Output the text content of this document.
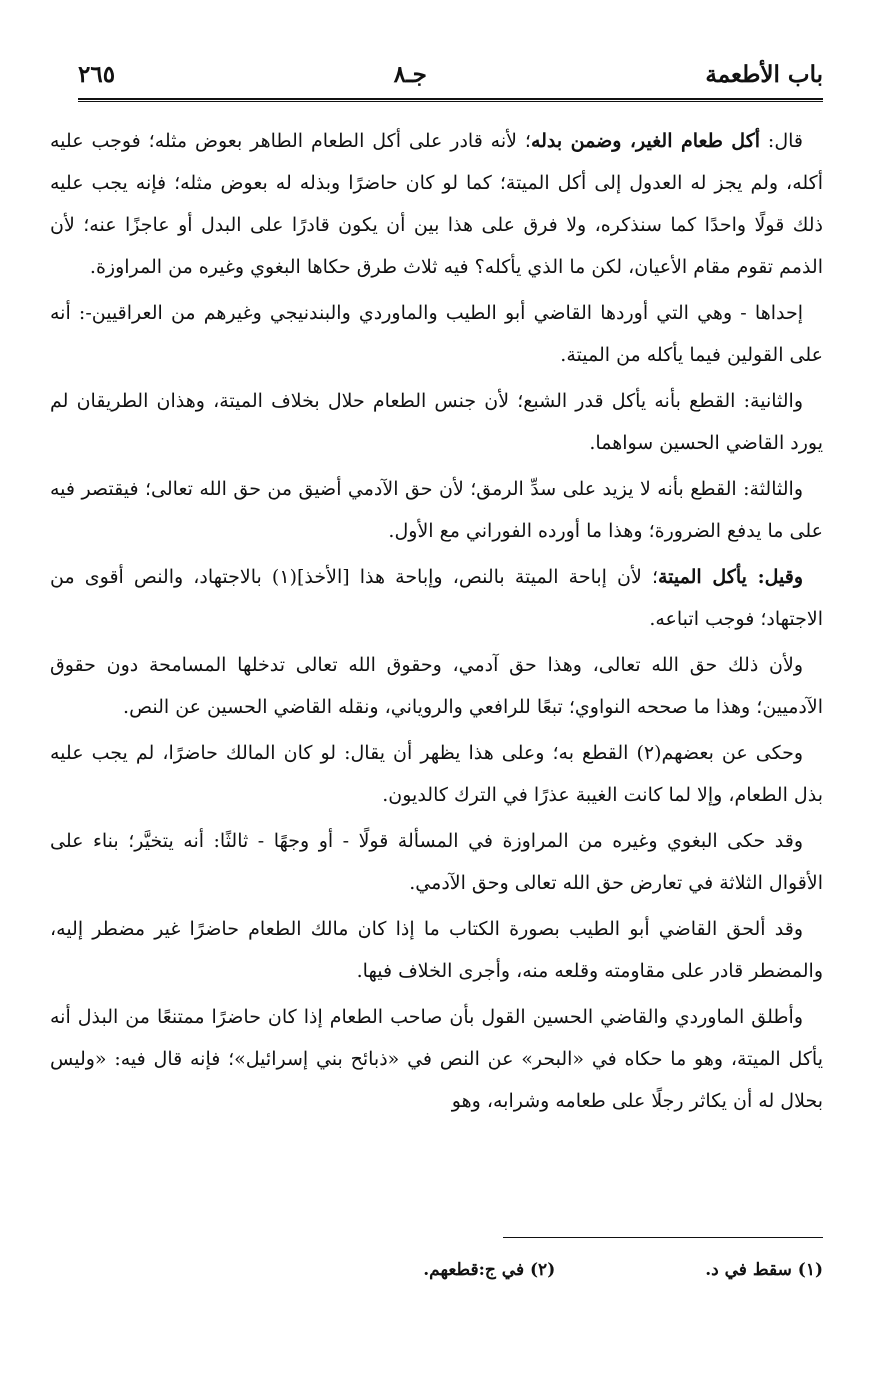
باب الأطعمة
جـ٨
٢٦٥

قال: أكل طعام الغير، وضمن بدله؛ لأنه قادر على أكل الطعام الطاهر بعوض مثله؛ فوجب عليه أكله، ولم يجز له العدول إلى أكل الميتة؛ كما لو كان حاضرًا وبذله له بعوض مثله؛ فإنه يجب عليه ذلك قولًا واحدًا كما سنذكره، ولا فرق على هذا بين أن يكون قادرًا على البدل أو عاجزًا عنه؛ لأن الذمم تقوم مقام الأعيان، لكن ما الذي يأكله؟ فيه ثلاث طرق حكاها البغوي وغيره من المراوزة.

إحداها - وهي التي أوردها القاضي أبو الطيب والماوردي والبندنيجي وغيرهم من العراقيين-: أنه على القولين فيما يأكله من الميتة.

والثانية: القطع بأنه يأكل قدر الشبع؛ لأن جنس الطعام حلال بخلاف الميتة، وهذان الطريقان لم يورد القاضي الحسين سواهما.

والثالثة: القطع بأنه لا يزيد على سدِّ الرمق؛ لأن حق الآدمي أضيق من حق الله تعالى؛ فيقتصر فيه على ما يدفع الضرورة؛ وهذا ما أورده الفوراني مع الأول.

وقيل: يأكل الميتة؛ لأن إباحة الميتة بالنص، وإباحة هذا [الأخذ](١) بالاجتهاد، والنص أقوى من الاجتهاد؛ فوجب اتباعه.

ولأن ذلك حق الله تعالى، وهذا حق آدمي، وحقوق الله تعالى تدخلها المسامحة دون حقوق الآدميين؛ وهذا ما صححه النواوي؛ تبعًا للرافعي والروياني، ونقله القاضي الحسين عن النص.

وحكى عن بعضهم(٢) القطع به؛ وعلى هذا يظهر أن يقال: لو كان المالك حاضرًا، لم يجب عليه بذل الطعام، وإلا لما كانت الغيبة عذرًا في الترك كالديون.

وقد حكى البغوي وغيره من المراوزة في المسألة قولًا - أو وجهًا - ثالثًا: أنه يتخيَّر؛ بناء على الأقوال الثلاثة في تعارض حق الله تعالى وحق الآدمي.

وقد ألحق القاضي أبو الطيب بصورة الكتاب ما إذا كان مالك الطعام حاضرًا غير مضطر إليه، والمضطر قادر على مقاومته وقلعه منه، وأجرى الخلاف فيها.

وأطلق الماوردي والقاضي الحسين القول بأن صاحب الطعام إذا كان حاضرًا ممتنعًا من البذل أنه يأكل الميتة، وهو ما حكاه في «البحر» عن النص في «ذبائح بني إسرائيل»؛ فإنه قال فيه: «وليس بحلال له أن يكاثر رجلًا على طعامه وشرابه، وهو

(١) سقط في د.
(٢) في ج:قطعهم.
